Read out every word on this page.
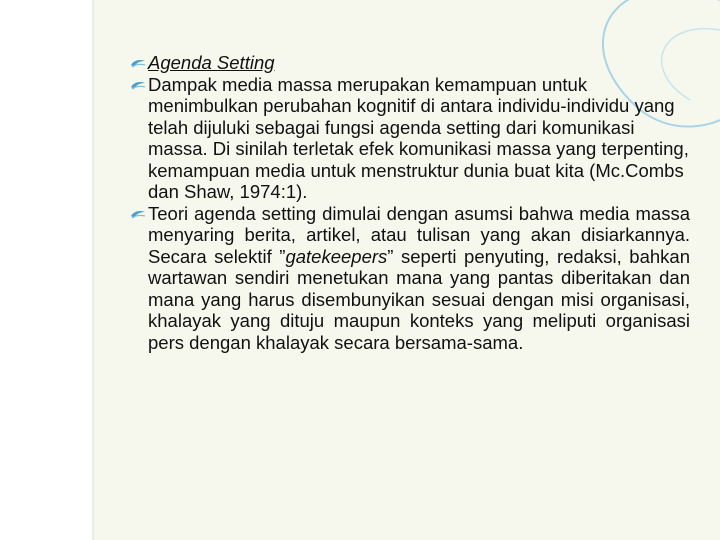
Agenda Setting
Dampak media massa merupakan kemampuan untuk menimbulkan perubahan kognitif di antara individu-individu yang telah dijuluki sebagai fungsi agenda setting dari komunikasi massa. Di sinilah terletak efek komunikasi massa yang terpenting, kemampuan media untuk menstruktur dunia buat kita (Mc.Combs dan Shaw, 1974:1).
Teori agenda setting dimulai dengan asumsi bahwa media massa menyaring berita, artikel, atau tulisan yang akan disiarkannya. Secara selektif ”gatekeepers” seperti penyuting, redaksi, bahkan wartawan sendiri menetukan mana yang pantas diberitakan dan mana yang harus disembunyikan sesuai dengan misi organisasi, khalayak yang dituju maupun konteks yang meliputi organisasi pers dengan khalayak secara bersama-sama.
